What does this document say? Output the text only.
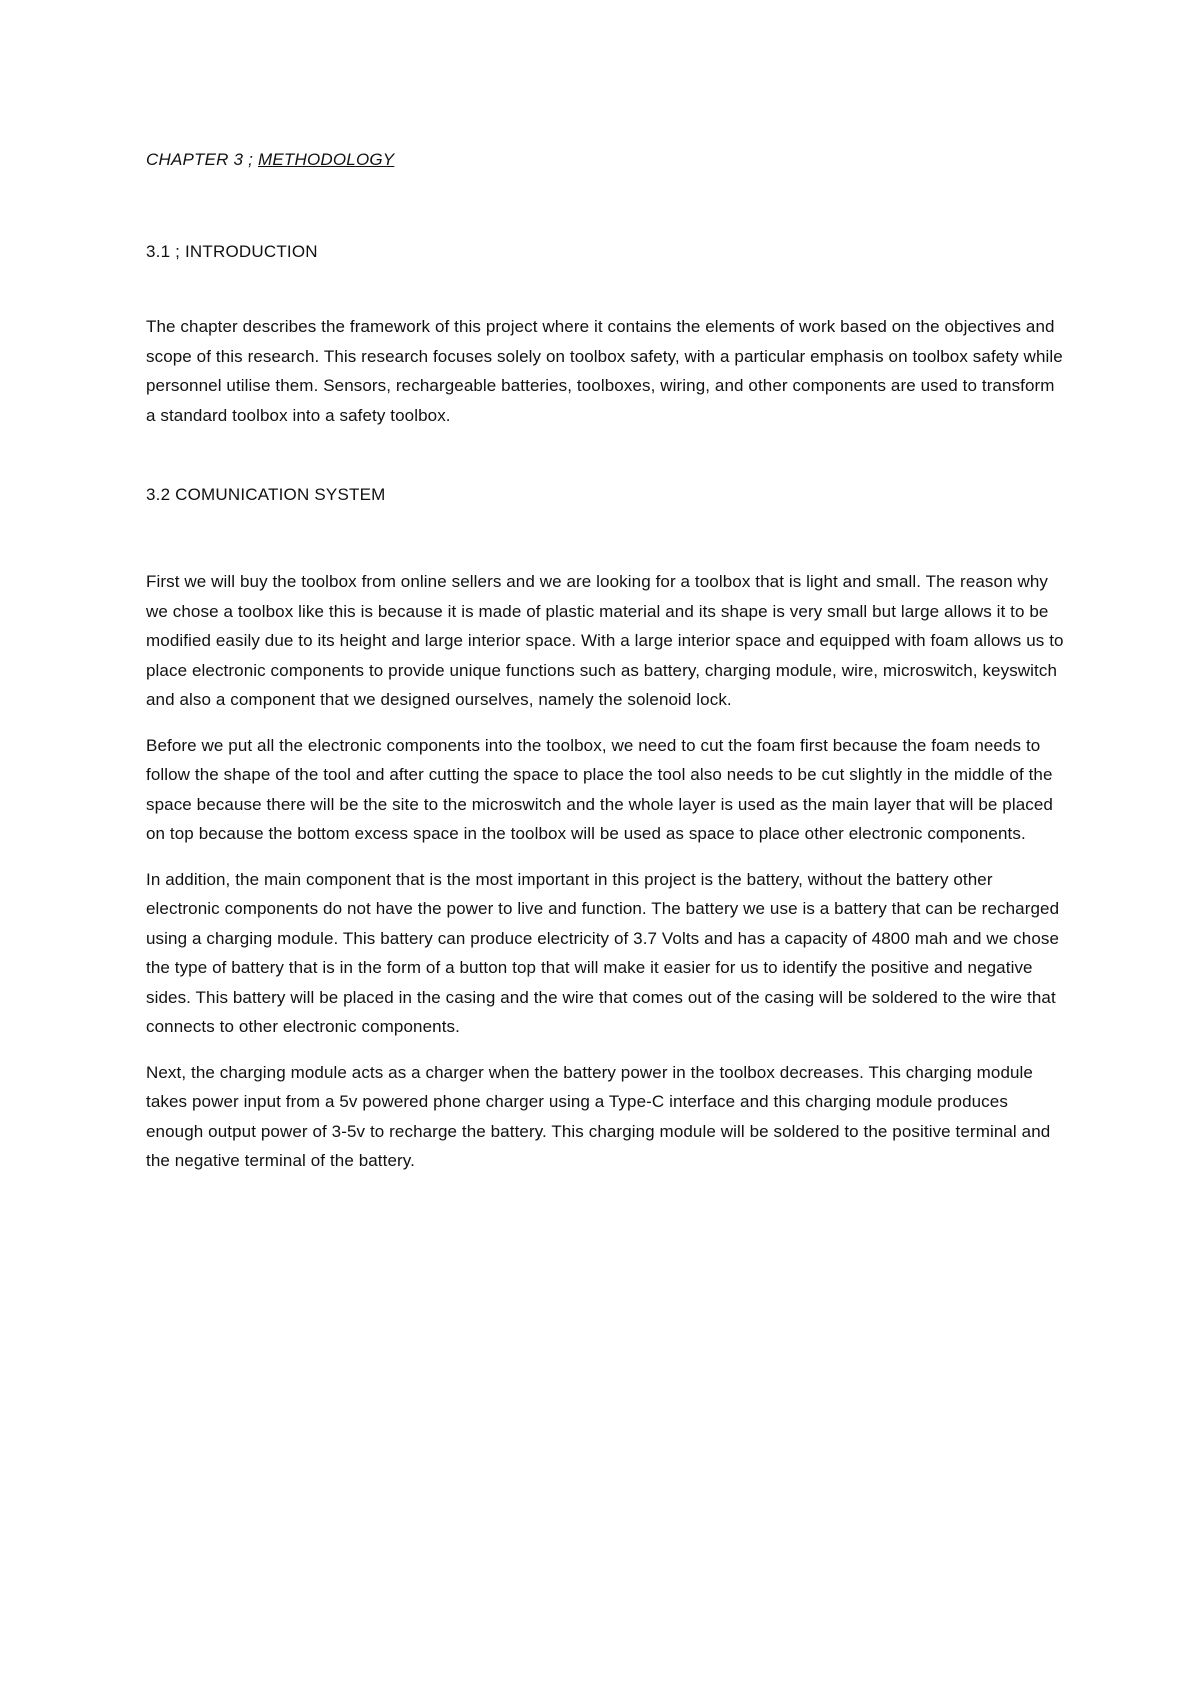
CHAPTER 3 ; METHODOLOGY

3.1 ; INTRODUCTION

The chapter describes the framework of this project where it contains the elements of work based on the objectives and scope of this research. This research focuses solely on toolbox safety, with a particular emphasis on toolbox safety while personnel utilise them. Sensors, rechargeable batteries, toolboxes, wiring, and other components are used to transform a standard toolbox into a safety toolbox.

3.2 COMUNICATION SYSTEM

First we will buy the toolbox from online sellers and we are looking for a toolbox that is light and small. The reason why we chose a toolbox like this is because it is made of plastic material and its shape is very small but large allows it to be modified easily due to its height and large interior space. With a large interior space and equipped with foam allows us to place electronic components to provide unique functions such as battery, charging module, wire, microswitch, keyswitch and also a component that we designed ourselves, namely the solenoid lock.

Before we put all the electronic components into the toolbox, we need to cut the foam first because the foam needs to follow the shape of the tool and after cutting the space to place the tool also needs to be cut slightly in the middle of the space because there will be the site to the microswitch and the whole layer is used as the main layer that will be placed on top because the bottom excess space in the toolbox will be used as space to place other electronic components.

In addition, the main component that is the most important in this project is the battery, without the battery other electronic components do not have the power to live and function. The battery we use is a battery that can be recharged using a charging module. This battery can produce electricity of 3.7 Volts and has a capacity of 4800 mah and we chose the type of battery that is in the form of a button top that will make it easier for us to identify the positive and negative sides. This battery will be placed in the casing and the wire that comes out of the casing will be soldered to the wire that connects to other electronic components.

Next, the charging module acts as a charger when the battery power in the toolbox decreases. This charging module takes power input from a 5v powered phone charger using a Type-C interface and this charging module produces enough output power of 3-5v to recharge the battery. This charging module will be soldered to the positive terminal and the negative terminal of the battery.
